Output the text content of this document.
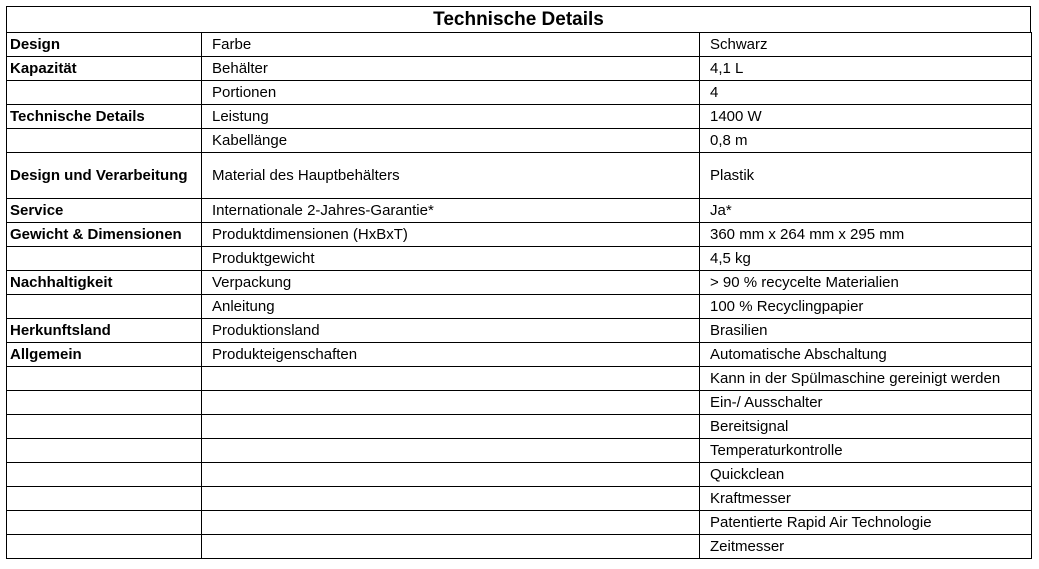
Technische Details
Design	Farbe	Schwarz
Kapazität	Behälter	4,1 L
	Portionen	4
Technische Details	Leistung	1400 W
	Kabellänge	0,8 m
Design und Verarbeitung	Material des Hauptbehälters	Plastik
Service	Internationale 2-Jahres-Garantie*	Ja*
Gewicht & Dimensionen	Produktdimensionen (HxBxT)	360 mm x 264 mm x 295 mm
	Produktgewicht	4,5 kg
Nachhaltigkeit	Verpackung	> 90 % recycelte Materialien
	Anleitung	100 % Recyclingpapier
Herkunftsland	Produktionsland	Brasilien
Allgemein	Produkteigenschaften	Automatische Abschaltung
		Kann in der Spülmaschine gereinigt werden
		Ein-/ Ausschalter
		Bereitsignal
		Temperaturkontrolle
		Quickclean
		Kraftmesser
		Patentierte Rapid Air Technologie
		Zeitmesser
